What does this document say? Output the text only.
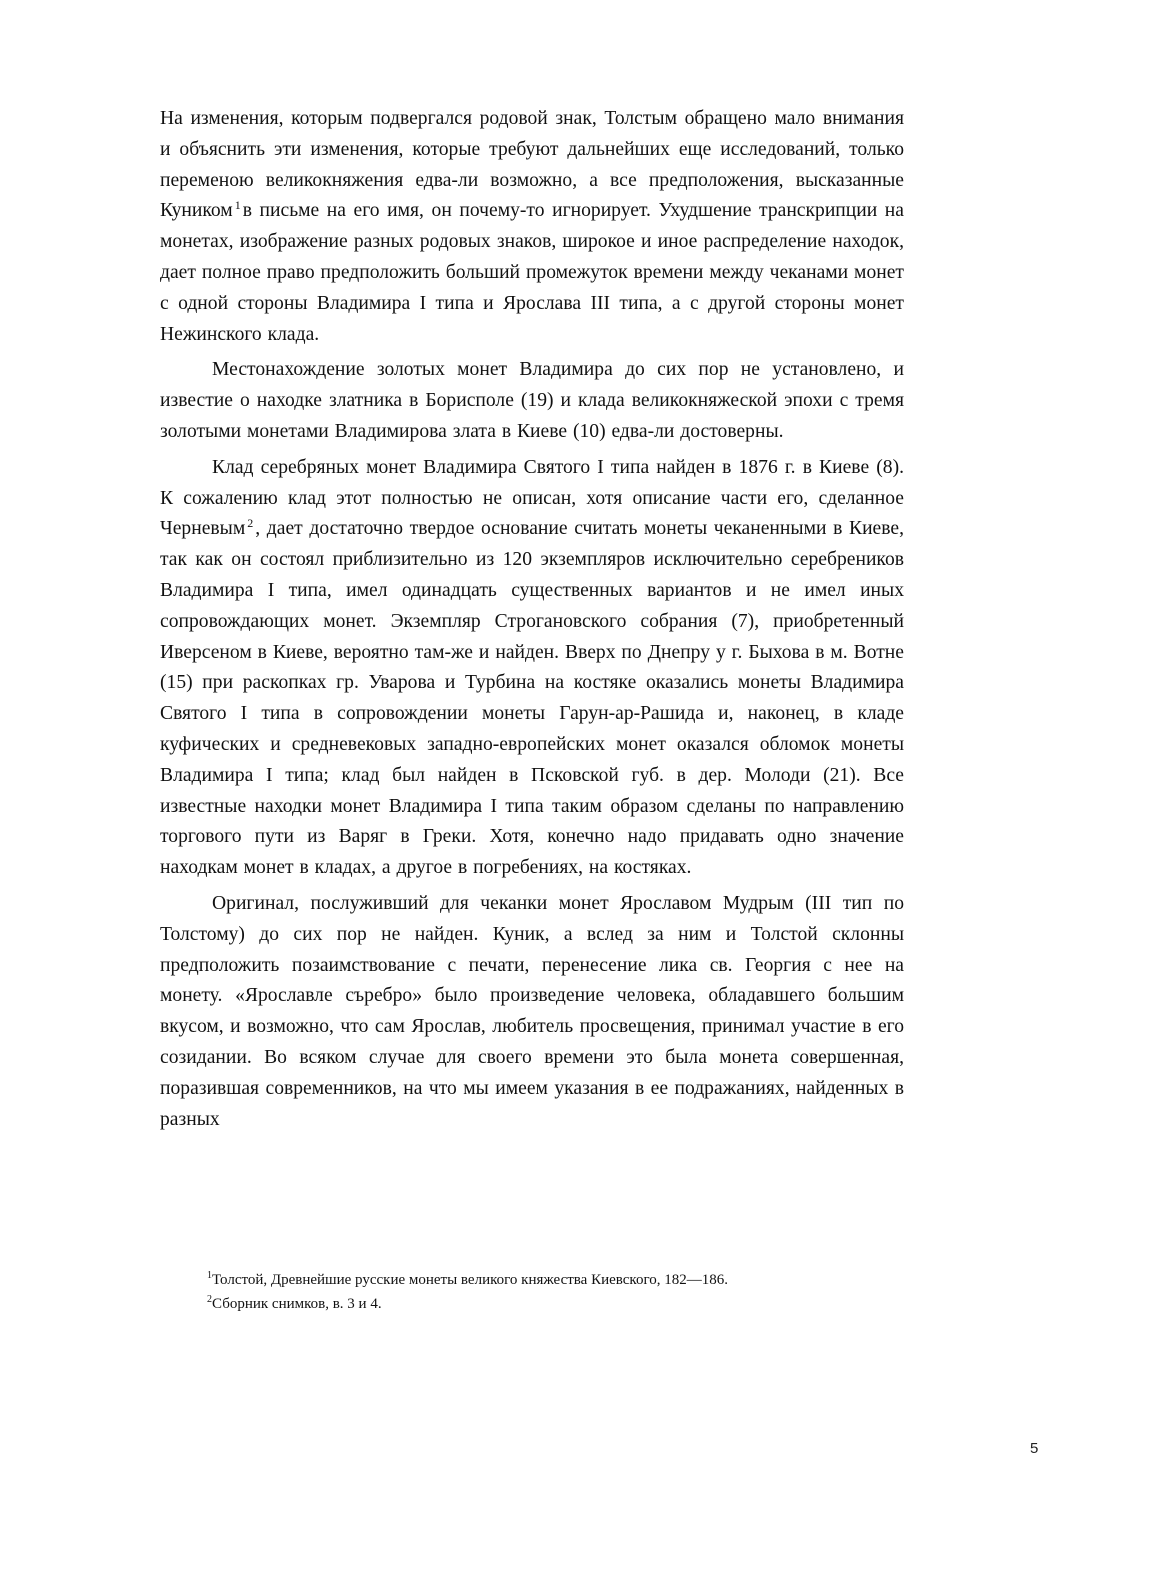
На изменения, которым подвергался родовой знак, Толстым обращено мало внимания и объяснить эти изменения, которые требуют дальнейших еще исследований, только переменою великокняжения едва-ли возможно, а все предположения, высказанные Куником $^1$ в письме на его имя, он почему-то игнорирует. Ухудшение транскрипции на монетах, изображение разных родовых знаков, широкое и иное распределение находок, дает полное право предположить больший промежуток времени между чеканами монет с одной стороны Владимира I типа и Ярослава III типа, а с другой стороны монет Нежинского клада.

Местонахождение золотых монет Владимира до сих пор не установлено, и известие о находке златника в Борисполе (19) и клада великокняжеской эпохи с тремя золотыми монетами Владимирова злата в Киеве (10) едва-ли достоверны.

Клад серебряных монет Владимира Святого I типа найден в 1876 г. в Киеве (8). К сожалению клад этот полностью не описан, хотя описание части его, сделанное Черневым $^2$ , дает достаточно твердое основание считать монеты чеканенными в Киеве, так как он состоял приблизительно из 120 экземпляров исключительно серебреников Владимира I типа, имел одинадцать существенных вариантов и не имел иных сопровождающих монет. Экземпляр Строгановского собрания (7), приобретенный Иверсеном в Киеве, вероятно там-же и найден. Вверх по Днепру у г. Быхова в м. Вотне (15) при раскопках гр. Уварова и Турбина на костяке оказались монеты Владимира Святого I типа в сопровождении монеты Гарун-ар-Рашида и, наконец, в кладе куфических и средневековых западно-европейских монет оказался обломок монеты Владимира I типа; клад был найден в Псковской губ. в дер. Молоди (21). Все известные находки монет Владимира I типа таким образом сделаны по направлению торгового пути из Варяг в Греки. Хотя, конечно надо придавать одно значение находкам монет в кладах, а другое в погребениях, на костяках.

Оригинал, послуживший для чеканки монет Ярославом Мудрым (III тип по Толстому) до сих пор не найден. Куник, а вслед за ним и Толстой склонны предположить позаимствование с печати, перенесение лика св. Георгия с нее на монету. «Ярославле съребро» было произведение человека, обладавшего большим вкусом, и возможно, что сам Ярослав, любитель просвещения, принимал участие в его созидании. Во всяком случае для своего времени это была монета совершенная, поразившая современников, на что мы имеем указания в ее подражаниях, найденных в разных

$^1$Толстой, Древнейшие русские монеты великого княжества Киевского, 182—186.

$^2$Сборник снимков, в. 3 и 4.

5
